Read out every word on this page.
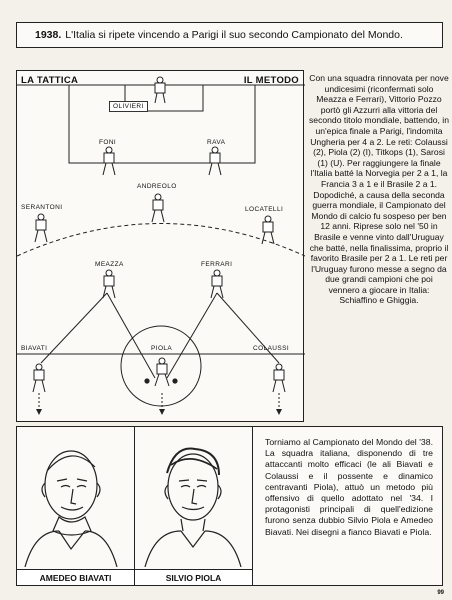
1938. L'Italia si ripete vincendo a Parigi il suo secondo Campionato del Mondo.
LA TATTICA	IL METODO
OLIVIERI
FONI	RAVA
ANDREOLO
SERANTONI	LOCATELLI
MEAZZA	FERRARI
BIAVATI	PIOLA	COLAUSSI
Con una squadra rinnovata per nove undicesimi (riconfermati solo Meazza e Ferrari), Vittorio Pozzo portò gli Azzurri alla vittoria del secondo titolo mondiale, battendo, in un'epica finale a Parigi, l'indomita Ungheria per 4 a 2. Le reti: Colaussi (2), Piola (2) (I), Titkops (1), Sarosi (1) (U). Per raggiungere la finale l'Italia batté la Norvegia per 2 a 1, la Francia 3 a 1 e il Brasile 2 a 1. Dopodiché, a causa della seconda guerra mondiale, il Campionato del Mondo di calcio fu sospeso per ben 12 anni. Riprese solo nel '50 in Brasile e venne vinto dall'Uruguay che batté, nella finalissima, proprio il favorito Brasile per 2 a 1. Le reti per l'Uruguay furono messe a segno da due grandi campioni che poi vennero a giocare in Italia: Schiaffino e Ghiggia.
AMEDEO BIAVATI	SILVIO PIOLA
Torniamo al Campionato del Mondo del '38. La squadra italiana, disponendo di tre attaccanti molto efficaci (le ali Biavati e Colaussi e il possente e dinamico centravanti Piola), attuò un metodo più offensivo di quello adottato nel '34. I protagonisti principali di quell'edizione furono senza dubbio Silvio Piola e Amedeo Biavati. Nei disegni a fianco Biavati e Piola.
99
